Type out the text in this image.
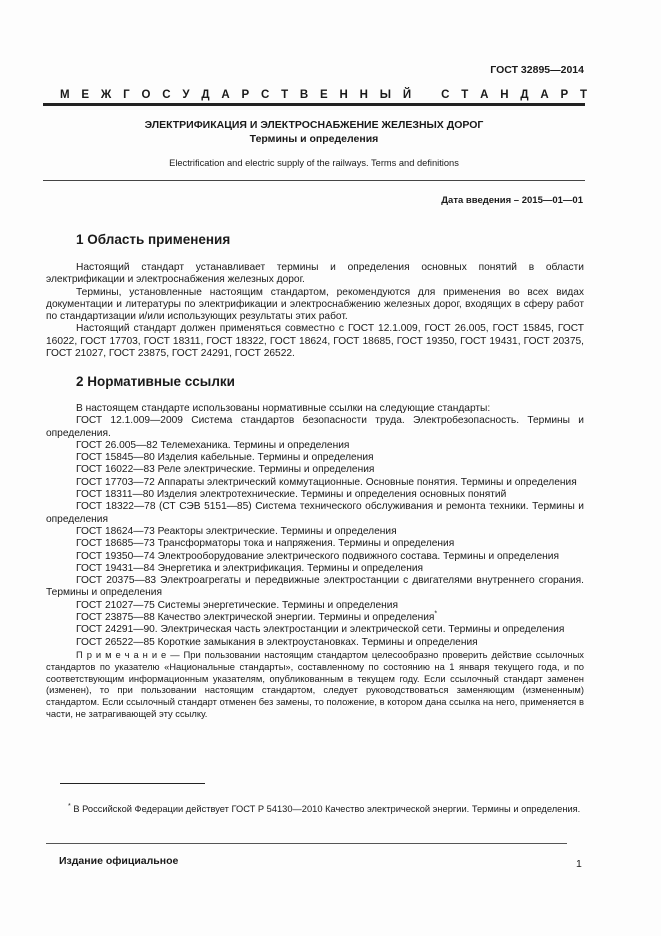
ГОСТ 32895—2014
М Е Ж Г О С У Д А Р С Т В Е Н Н Ы Й
	С Т А Н Д А Р Т
ЭЛЕКТРИФИКАЦИЯ И ЭЛЕКТРОСНАБЖЕНИЕ ЖЕЛЕЗНЫХ ДОРОГ
Термины и определения
Electrification and electric supply of the railways. Terms and definitions
Дата введения – 2015—01—01
1 Область применения

Настоящий стандарт устанавливает термины и определения основных понятий в области электрификации и электроснабжения железных дорог.

Термины, установленные настоящим стандартом, рекомендуются для применения во всех видах документации и литературы по электрификации и электроснабжению железных дорог, входящих в сферу работ по стандартизации и/или использующих результаты этих работ.

Настоящий стандарт должен применяться совместно с ГОСТ 12.1.009, ГОСТ 26.005, ГОСТ 15845, ГОСТ 16022, ГОСТ 17703, ГОСТ 18311, ГОСТ 18322, ГОСТ 18624, ГОСТ 18685, ГОСТ 19350, ГОСТ 19431, ГОСТ 20375, ГОСТ 21027, ГОСТ 23875, ГОСТ 24291, ГОСТ 26522.

2 Нормативные ссылки

В настоящем стандарте использованы нормативные ссылки на следующие стандарты:

ГОСТ 12.1.009—2009 Система стандартов безопасности труда. Электробезопасность. Термины и определения.

ГОСТ 26.005—82 Телемеханика. Термины и определения

ГОСТ 15845—80 Изделия кабельные. Термины и определения

ГОСТ 16022—83 Реле электрические. Термины и определения

ГОСТ 17703—72 Аппараты электрический коммутационные. Основные понятия. Термины и определения

ГОСТ 18311—80 Изделия электротехнические. Термины и определения основных понятий

ГОСТ 18322—78 (СТ СЭВ 5151—85) Система технического обслуживания и ремонта техники. Термины и определения

ГОСТ 18624—73 Реакторы электрические. Термины и определения

ГОСТ 18685—73 Трансформаторы тока и напряжения. Термины и определения

ГОСТ 19350—74 Электрооборудование электрического подвижного состава. Термины и определения

ГОСТ 19431—84 Энергетика и электрификация. Термины и определения

ГОСТ 20375—83 Электроагрегаты и передвижные электростанции с двигателями внутреннего сгорания. Термины и определения

ГОСТ 21027—75 Системы энергетические. Термины и определения

ГОСТ 23875—88 Качество электрической энергии. Термины и определения*

ГОСТ 24291—90. Электрическая часть электростанции и электрической сети. Термины и определения

ГОСТ 26522—85 Короткие замыкания в электроустановках. Термины и определения

П р и м е ч а н и е — При пользовании настоящим стандартом целесообразно проверить действие ссылочных стандартов по указателю «Национальные стандарты», составленному по состоянию на 1 января текущего года, и по соответствующим информационным указателям, опубликованным в текущем году. Если ссылочный стандарт заменен (изменен), то при пользовании настоящим стандартом, следует руководствоваться заменяющим (измененным) стандартом. Если ссылочный стандарт отменен без замены, то положение, в котором дана ссылка на него, применяется в части, не затрагивающей эту ссылку.

* В Российской Федерации действует ГОСТ Р 54130—2010 Качество электрической энергии. Термины и определения.
Издание официальное	1
